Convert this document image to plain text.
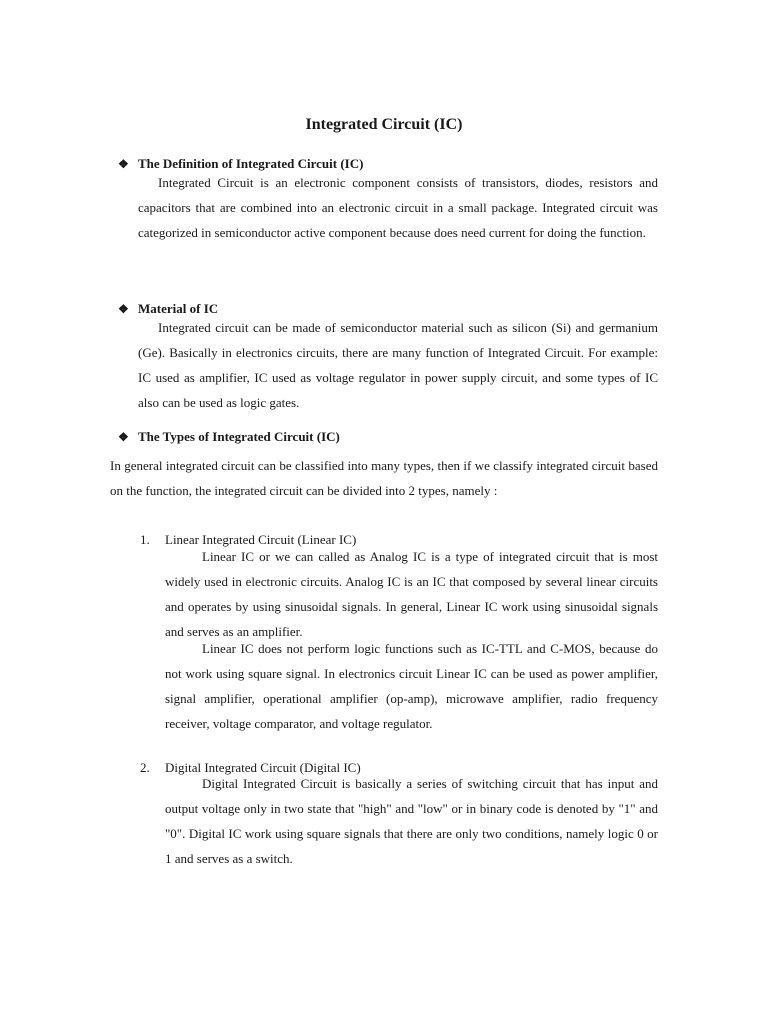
Integrated Circuit (IC)
❖ The Definition of Integrated Circuit (IC)

Integrated Circuit is an electronic component consists of transistors, diodes, resistors and capacitors that are combined into an electronic circuit in a small package. Integrated circuit was categorized in semiconductor active component because does need current for doing the function.

❖ Material of IC

Integrated circuit can be made of semiconductor material such as silicon (Si) and germanium (Ge). Basically in electronics circuits, there are many function of Integrated Circuit. For example: IC used as amplifier, IC used as voltage regulator in power supply circuit, and some types of IC also can be used as logic gates.

❖ The Types of Integrated Circuit (IC)

In general integrated circuit can be classified into many types, then if we classify integrated circuit based on the function, the integrated circuit can be divided into 2 types, namely :

1. Linear Integrated Circuit (Linear IC)

Linear IC or we can called as Analog IC is a type of integrated circuit that is most widely used in electronic circuits. Analog IC is an IC that composed by several linear circuits and operates by using sinusoidal signals. In general, Linear IC work using sinusoidal signals and serves as an amplifier.

Linear IC does not perform logic functions such as IC-TTL and C-MOS, because do not work using square signal. In electronics circuit Linear IC can be used as power amplifier, signal amplifier, operational amplifier (op-amp), microwave amplifier, radio frequency receiver, voltage comparator, and voltage regulator.

2. Digital Integrated Circuit (Digital IC)

Digital Integrated Circuit is basically a series of switching circuit that has input and output voltage only in two state that "high" and "low" or in binary code is denoted by "1" and "0". Digital IC work using square signals that there are only two conditions, namely logic 0 or 1 and serves as a switch.
